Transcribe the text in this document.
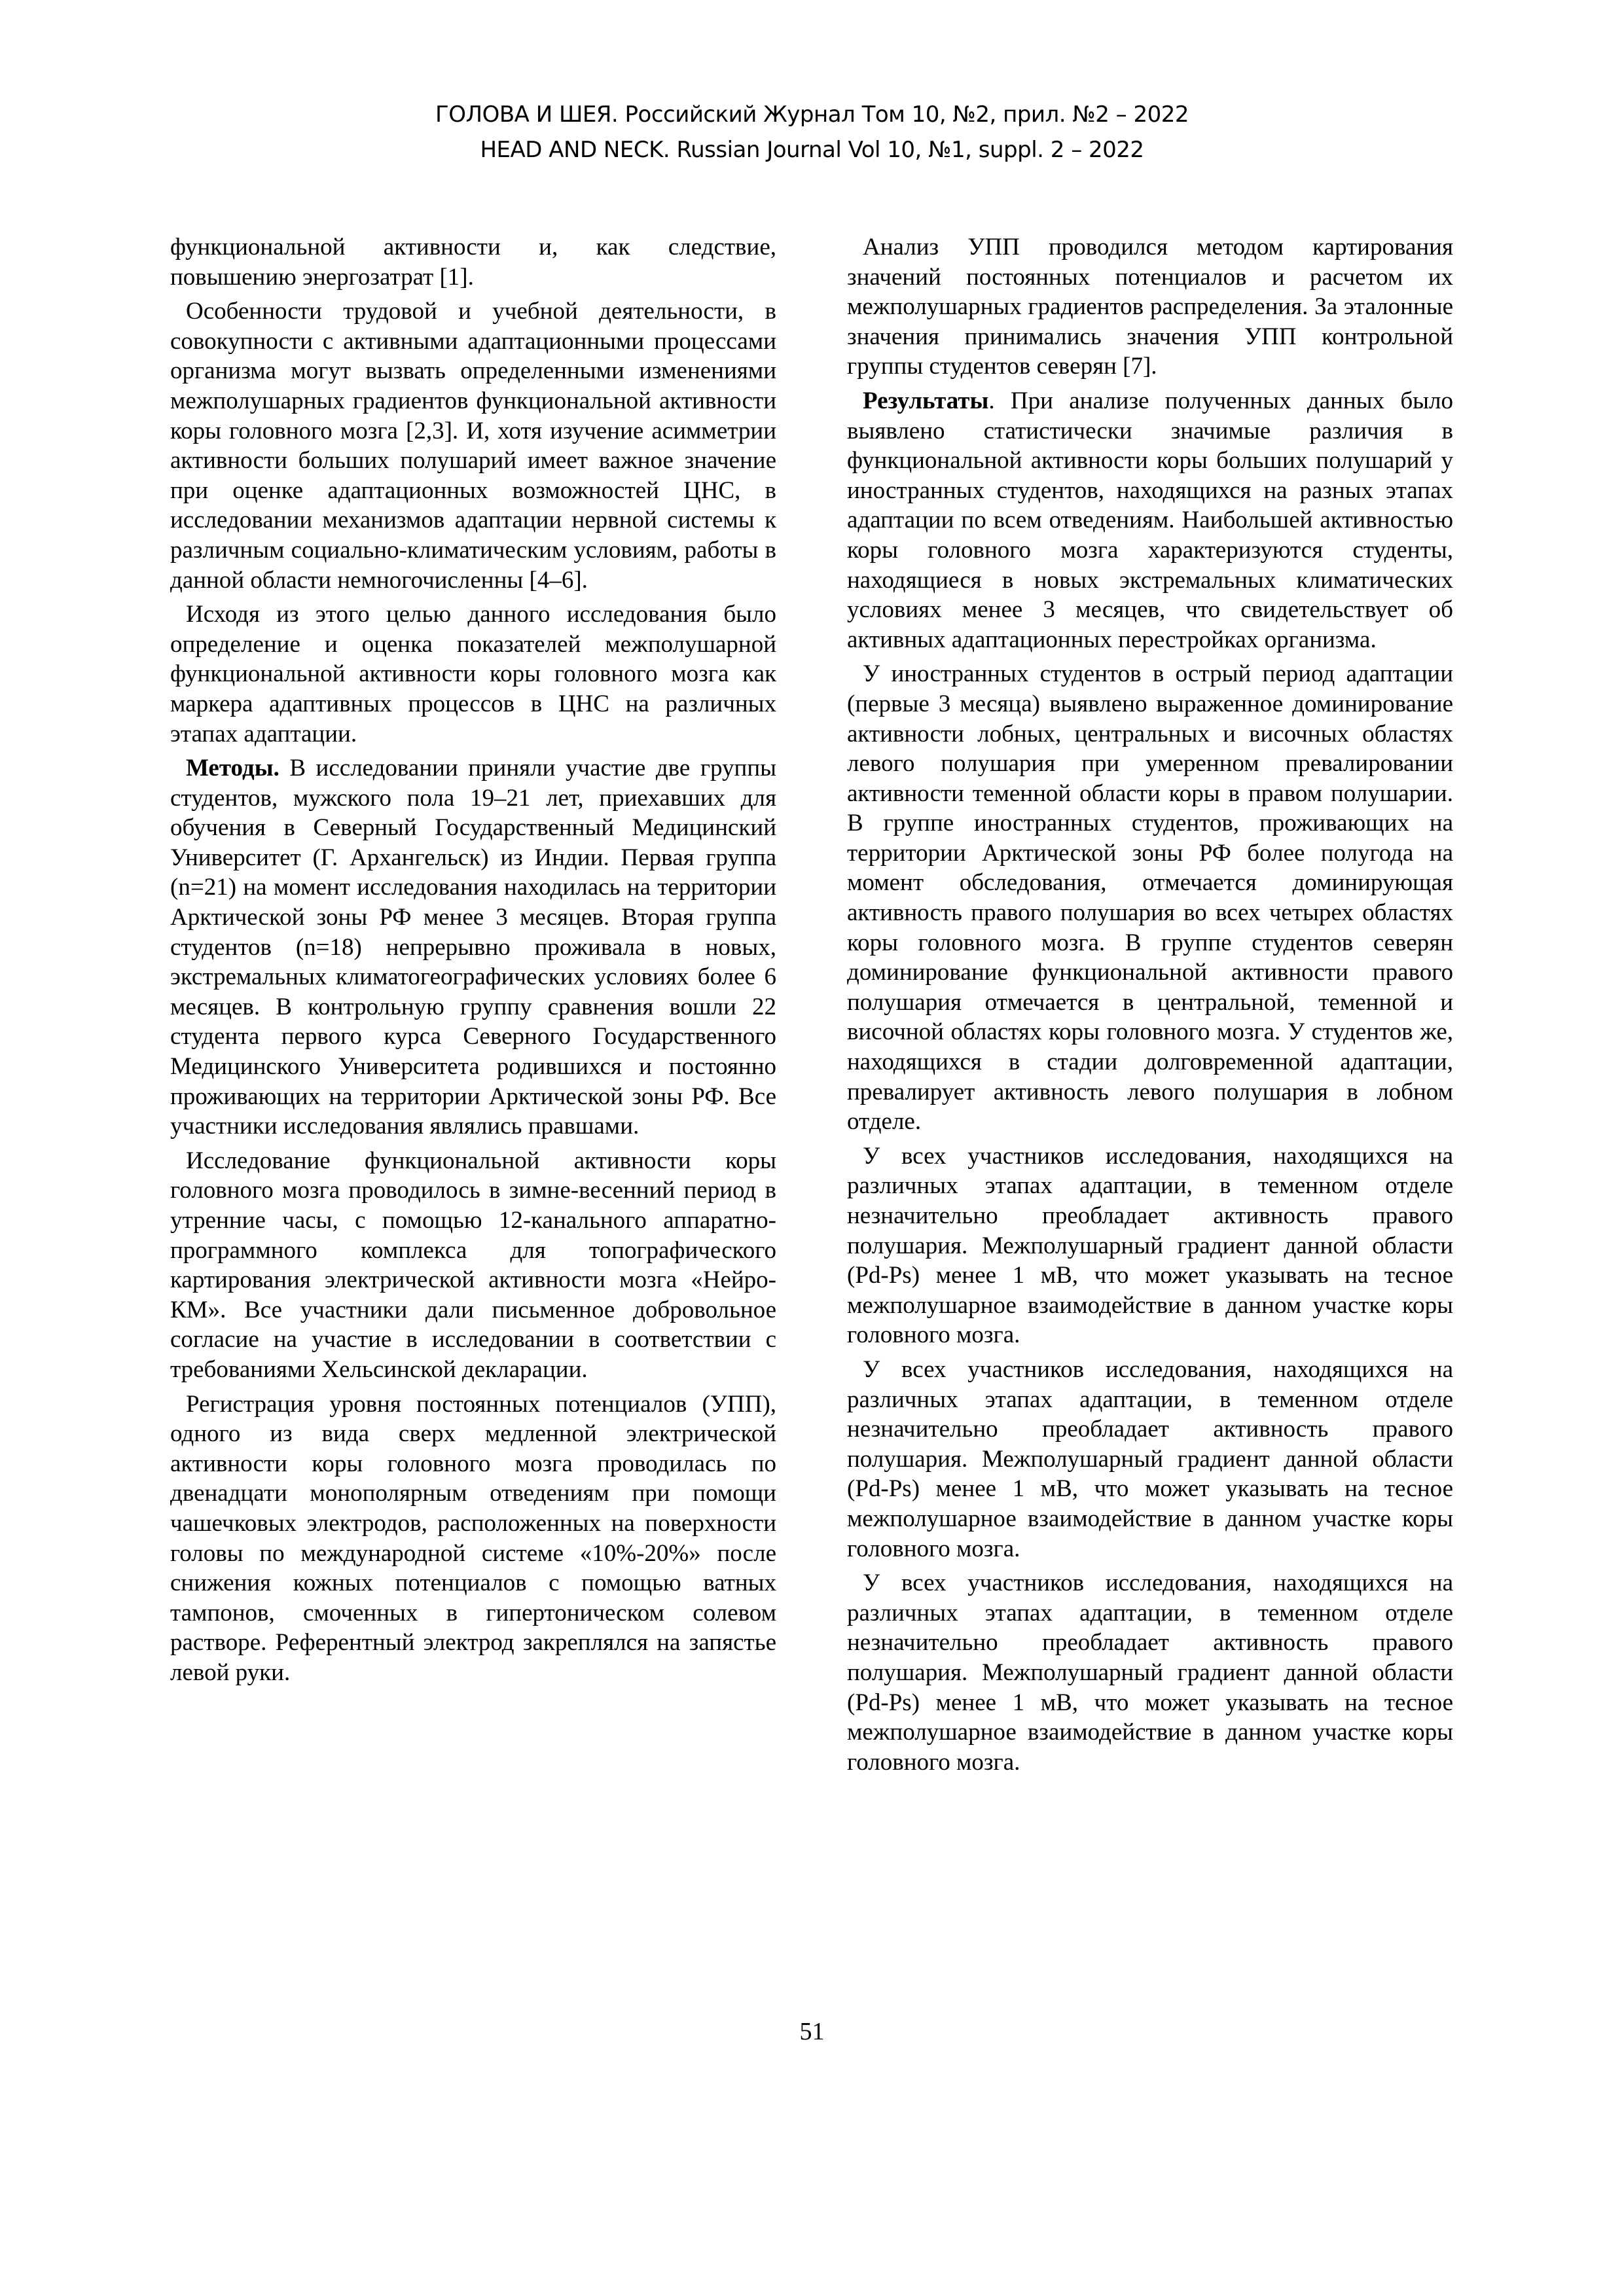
ГОЛОВА И ШЕЯ. Российский Журнал Том 10, №2, прил. №2 – 2022
HEAD AND NECK. Russian Journal Vol 10, №1, suppl. 2 – 2022

функциональной активности и, как следствие, повышению энергозатрат [1].

Особенности трудовой и учебной деятельности, в совокупности с активными адаптационными процессами организма могут вызвать определенными изменениями межполушарных градиентов функциональной активности коры головного мозга [2,3]. И, хотя изучение асимметрии активности больших полушарий имеет важное значение при оценке адаптационных возможностей ЦНС, в исследовании механизмов адаптации нервной системы к различным социально-климатическим условиям, работы в данной области немногочисленны [4–6].

Исходя из этого целью данного исследования было определение и оценка показателей межполушарной функциональной активности коры головного мозга как маркера адаптивных процессов в ЦНС на различных этапах адаптации.

Методы. В исследовании приняли участие две группы студентов, мужского пола 19–21 лет, приехавших для обучения в Северный Государственный Медицинский Университет (Г. Архангельск) из Индии. Первая группа (n=21) на момент исследования находилась на территории Арктической зоны РФ менее 3 месяцев. Вторая группа студентов (n=18) непрерывно проживала в новых, экстремальных климатогеографических условиях более 6 месяцев. В контрольную группу сравнения вошли 22 студента первого курса Северного Государственного Медицинского Университета родившихся и постоянно проживающих на территории Арктической зоны РФ. Все участники исследования являлись правшами.

Исследование функциональной активности коры головного мозга проводилось в зимне-весенний период в утренние часы, с помощью 12-канального аппаратно-программного комплекса для топографического картирования электрической активности мозга «Нейро-КМ». Все участники дали письменное добровольное согласие на участие в исследовании в соответствии с требованиями Хельсинской декларации.

Регистрация уровня постоянных потенциалов (УПП), одного из вида сверх медленной электрической активности коры головного мозга проводилась по двенадцати монополярным отведениям при помощи чашечковых электродов, расположенных на поверхности головы по международной системе «10%-20%» после снижения кожных потенциалов с помощью ватных тампонов, смоченных в гипертоническом солевом растворе. Референтный электрод закреплялся на запястье левой руки.

Анализ УПП проводился методом картирования значений постоянных потенциалов и расчетом их межполушарных градиентов распределения. За эталонные значения принимались значения УПП контрольной группы студентов северян [7].

Результаты. При анализе полученных данных было выявлено статистически значимые различия в функциональной активности коры больших полушарий у иностранных студентов, находящихся на разных этапах адаптации по всем отведениям. Наибольшей активностью коры головного мозга характеризуются студенты, находящиеся в новых экстремальных климатических условиях менее 3 месяцев, что свидетельствует об активных адаптационных перестройках организма.

У иностранных студентов в острый период адаптации (первые 3 месяца) выявлено выраженное доминирование активности лобных, центральных и височных областях левого полушария при умеренном превалировании активности теменной области коры в правом полушарии. В группе иностранных студентов, проживающих на территории Арктической зоны РФ более полугода на момент обследования, отмечается доминирующая активность правого полушария во всех четырех областях коры головного мозга. В группе студентов северян доминирование функциональной активности правого полушария отмечается в центральной, теменной и височной областях коры головного мозга. У студентов же, находящихся в стадии долговременной адаптации, превалирует активность левого полушария в лобном отделе.

У всех участников исследования, находящихся на различных этапах адаптации, в теменном отделе незначительно преобладает активность правого полушария. Межполушарный градиент данной области (Pd-Ps) менее 1 мВ, что может указывать на тесное межполушарное взаимодействие в данном участке коры головного мозга.

У всех участников исследования, находящихся на различных этапах адаптации, в теменном отделе незначительно преобладает активность правого полушария. Межполушарный градиент данной области (Pd-Ps) менее 1 мВ, что может указывать на тесное межполушарное взаимодействие в данном участке коры головного мозга.

У всех участников исследования, находящихся на различных этапах адаптации, в теменном отделе незначительно преобладает активность правого полушария. Межполушарный градиент данной области (Pd-Ps) менее 1 мВ, что может указывать на тесное межполушарное взаимодействие в данном участке коры головного мозга.

51
